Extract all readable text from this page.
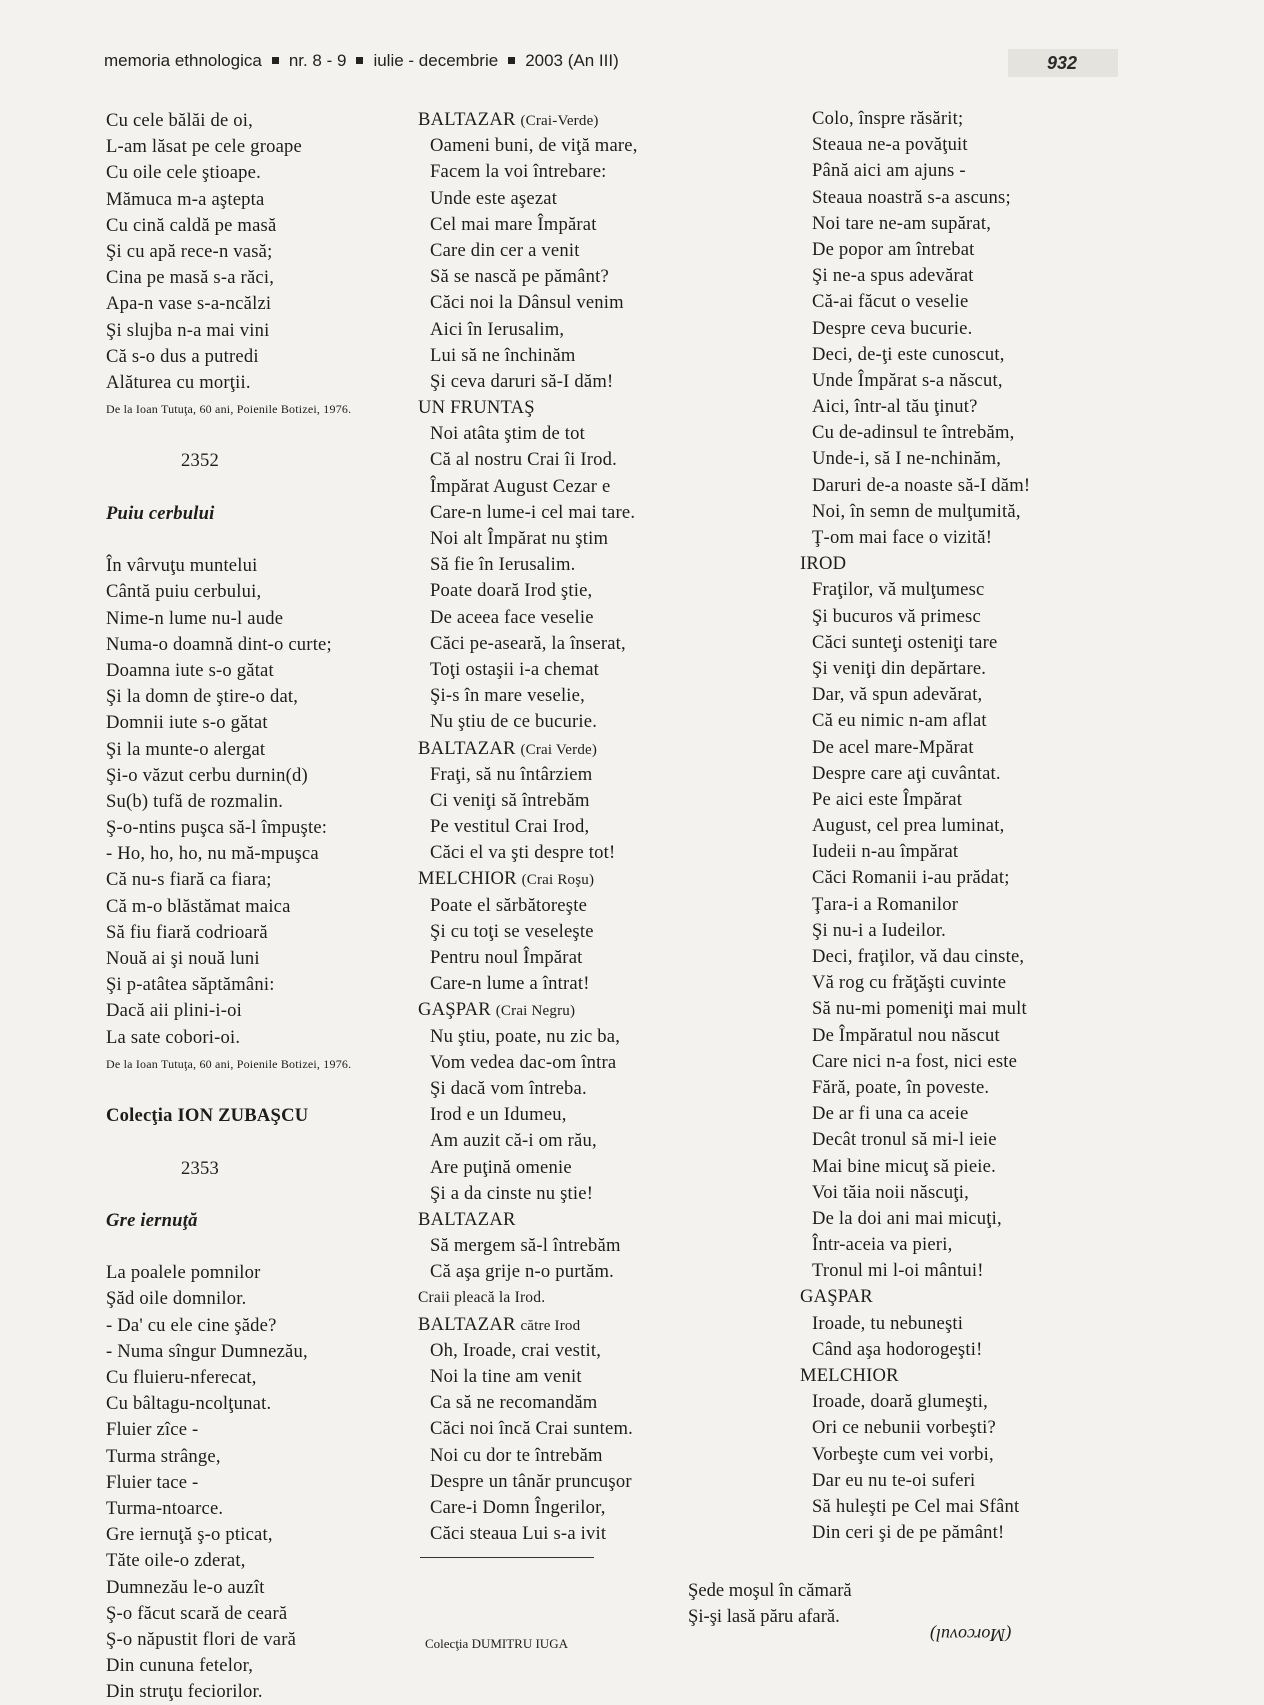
memoria ethnologica nr. 8 - 9 iulie - decembrie 2003 (An III)	932
Cu cele bălăi de oi,
L-am lăsat pe cele groape
Cu oile cele ştioape.
Mămuca m-a aştepta
Cu cină caldă pe masă
Şi cu apă rece-n vasă;
Cina pe masă s-a răci,
Apa-n vase s-a-ncălzi
Şi slujba n-a mai vini
Că s-o dus a putredi
Alăturea cu morţii.
De la Ioan Tutuţa, 60 ani, Poienile Botizei, 1976.
2352
Puiu cerbului
În vârvuţu muntelui
Cântă puiu cerbului,
Nime-n lume nu-l aude
Numa-o doamnă dint-o curte;
Doamna iute s-o gătat
Şi la domn de ştire-o dat,
Domnii iute s-o gătat
Şi la munte-o alergat
Şi-o văzut cerbu durnin(d)
Su(b) tufă de rozmalin.
Ş-o-ntins puşca să-l împuşte:
- Ho, ho, ho, nu mă-mpuşca
Că nu-s fiară ca fiara;
Că m-o blăstămat maica
Să fiu fiară codrioară
Nouă ai şi nouă luni
Şi p-atâtea săptămâni:
Dacă aii plini-i-oi
La sate cobori-oi.
De la Ioan Tutuţa, 60 ani, Poienile Botizei, 1976.
Colecţia ION ZUBAŞCU
2353
Gre iernuţă
La poalele pomnilor
Şăd oile domnilor.
- Da' cu ele cine şăde?
- Numa sîngur Dumnezău,
Cu fluieru-nferecat,
Cu bâltagu-ncolţunat.
Fluier zîce -
Turma strânge,
Fluier tace -
Turma-ntoarce.
Gre iernuţă ş-o pticat,
Tăte oile-o zderat,
Dumnezău le-o auzît
Ş-o făcut scară de ceară
Ş-o năpustit flori de vară
Din cununa fetelor,
Din struţu feciorilor.
BALTAZAR (Crai-Verde)
Oameni buni, de viţă mare,
Facem la voi întrebare:
Unde este aşezat
Cel mai mare Împărat
Care din cer a venit
Să se nască pe pământ?
Căci noi la Dânsul venim
Aici în Ierusalim,
Lui să ne închinăm
Şi ceva daruri să-I dăm!
UN FRUNTAŞ
Noi atâta ştim de tot
Că al nostru Crai îi Irod.
Împărat August Cezar e
Care-n lume-i cel mai tare.
Noi alt Împărat nu ştim
Să fie în Ierusalim.
Poate doară Irod ştie,
De aceea face veselie
Căci pe-aseară, la înserat,
Toţi ostaşii i-a chemat
Şi-s în mare veselie,
Nu ştiu de ce bucurie.
BALTAZAR (Crai Verde)
Fraţi, să nu întârziem
Ci veniţi să întrebăm
Pe vestitul Crai Irod,
Căci el va şti despre tot!
MELCHIOR (Crai Roşu)
Poate el sărbătoreşte
Şi cu toţi se veseleşte
Pentru noul Împărat
Care-n lume a întrat!
GAŞPAR (Crai Negru)
Nu ştiu, poate, nu zic ba,
Vom vedea dac-om întra
Şi dacă vom întreba.
Irod e un Idumeu,
Am auzit că-i om rău,
Are puţină omenie
Şi a da cinste nu ştie!
BALTAZAR
Să mergem să-l întrebăm
Că aşa grije n-o purtăm.
Craii pleacă la Irod.
BALTAZAR către Irod
Oh, Iroade, crai vestit,
Noi la tine am venit
Ca să ne recomandăm
Căci noi încă Crai suntem.
Noi cu dor te întrebăm
Despre un tânăr pruncuşor
Care-i Domn Îngerilor,
Căci steaua Lui s-a ivit
Colo, înspre răsărit;
Steaua ne-a povăţuit
Până aici am ajuns -
Steaua noastră s-a ascuns;
Noi tare ne-am supărat,
De popor am întrebat
Şi ne-a spus adevărat
Că-ai făcut o veselie
Despre ceva bucurie.
Deci, de-ţi este cunoscut,
Unde Împărat s-a născut,
Aici, într-al tău ţinut?
Cu de-adinsul te întrebăm,
Unde-i, să I ne-nchinăm,
Daruri de-a noaste să-I dăm!
Noi, în semn de mulţumită,
Ţ-om mai face o vizită!
IROD
Fraţilor, vă mulţumesc
Şi bucuros vă primesc
Căci sunteţi osteniţi tare
Şi veniţi din depărtare.
Dar, vă spun adevărat,
Că eu nimic n-am aflat
De acel mare-Mpărat
Despre care aţi cuvântat.
Pe aici este Împărat
August, cel prea luminat,
Iudeii n-au împărat
Căci Romanii i-au prădat;
Ţara-i a Romanilor
Şi nu-i a Iudeilor.
Deci, fraţilor, vă dau cinste,
Vă rog cu frăţăşti cuvinte
Să nu-mi pomeniţi mai mult
De Împăratul nou născut
Care nici n-a fost, nici este
Fără, poate, în poveste.
De ar fi una ca aceie
Decât tronul să mi-l ieie
Mai bine micuţ să pieie.
Voi tăia noii născuţi,
De la doi ani mai micuţi,
Într-aceia va pieri,
Tronul mi l-oi mântui!
GAŞPAR
Iroade, tu nebuneşti
Când aşa hodorogeşti!
MELCHIOR
Iroade, doară glumeşti,
Ori ce nebunii vorbeşti?
Vorbeşte cum vei vorbi,
Dar eu nu te-oi suferi
Să huleşti pe Cel mai Sfânt
Din ceri şi de pe pământ!
Şede moşul în cămară
Şi-şi lasă păru afară.
(Morcovul)
Colecţia DUMITRU IUGA
